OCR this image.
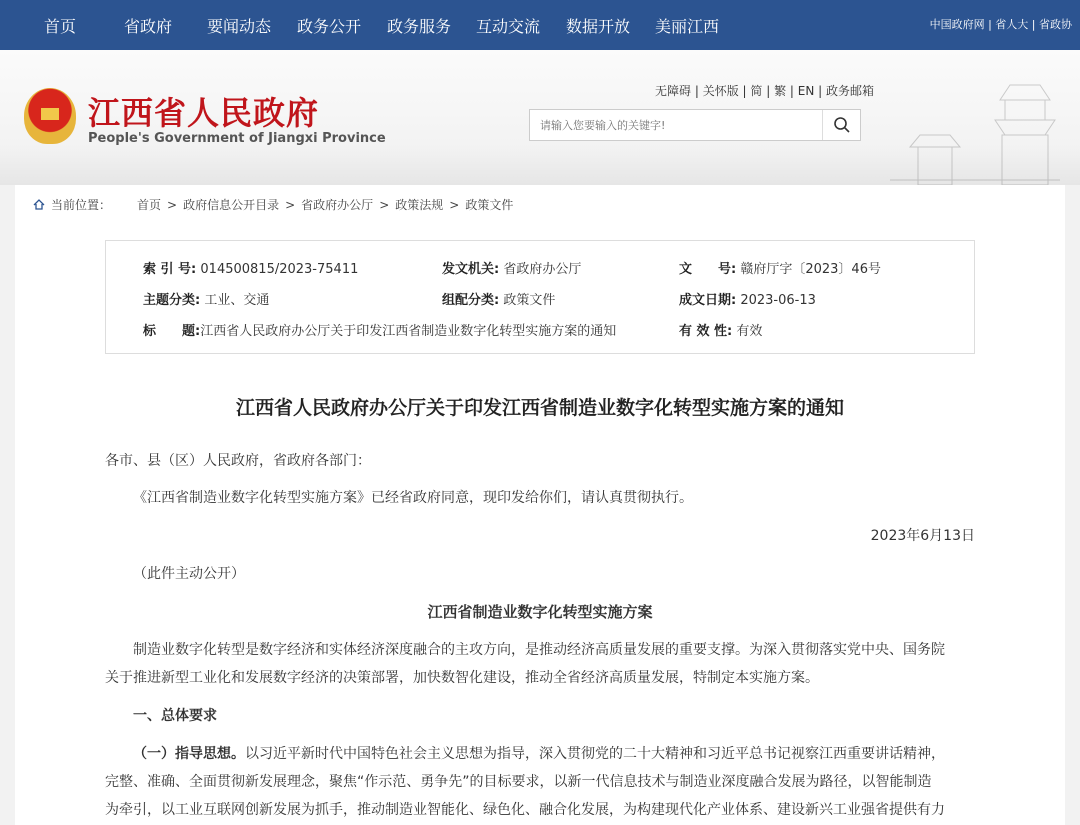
首页	省政府 要闻动态 政务公开 政务服务 互动交流 数据开放 美丽江西	中国政府网 | 省人大 | 省政协
江西省人民政府
People's Government of Jiangxi Province
无障碍 | 关怀版 | 简 | 繁 | EN | 政务邮箱
请输入您要输入的关键字!
当前位置： 首页 > 政府信息公开目录 > 省政府办公厅 > 政策法规 > 政策文件
索 引 号: 014500815/2023-75411	发文机关: 省政府办公厅	文　　号: 赣府厅字〔2023〕46号
主题分类: 工业、交通	组配分类: 政策文件	成文日期: 2023-06-13
标　　题:江西省人民政府办公厅关于印发江西省制造业数字化转型实施方案的通知	有 效 性: 有效
江西省人民政府办公厅关于印发江西省制造业数字化转型实施方案的通知
各市、县（区）人民政府，省政府各部门：
《江西省制造业数字化转型实施方案》已经省政府同意，现印发给你们，请认真贯彻执行。
2023年6月13日
（此件主动公开）
江西省制造业数字化转型实施方案
制造业数字化转型是数字经济和实体经济深度融合的主攻方向，是推动经济高质量发展的重要支撑。为深入贯彻落实党中央、国务院
关于推进新型工业化和发展数字经济的决策部署，加快数智化建设，推动全省经济高质量发展，特制定本实施方案。
一、总体要求
（一）指导思想。以习近平新时代中国特色社会主义思想为指导，深入贯彻党的二十大精神和习近平总书记视察江西重要讲话精神，
完整、准确、全面贯彻新发展理念，聚焦“作示范、勇争先”的目标要求，以新一代信息技术与制造业深度融合发展为路径，以智能制造
为牵引，以工业互联网创新发展为抓手，推动制造业智能化、绿色化、融合化发展，为构建现代化产业体系、建设新兴工业强省提供有力
